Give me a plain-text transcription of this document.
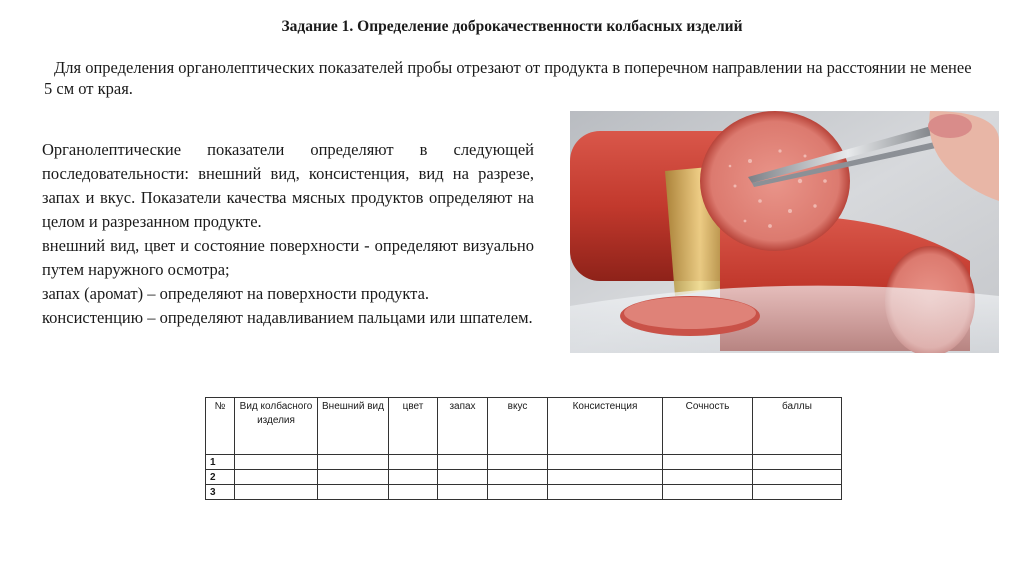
Задание 1. Определение доброкачественности колбасных изделий
Для определения органолептических показателей пробы отрезают от продукта в поперечном направлении на расстоянии не менее 5 см от края.

Органолептические показатели определяют в следующей последовательности: внешний вид, консистенция, вид на разрезе, запах и вкус. Показатели качества мясных продуктов определяют на целом и разрезанном продукте.

внешний вид, цвет и состояние поверхности - определяют визуально путем наружного осмотра;

запах (аромат) – определяют на поверхности продукта.

консистенцию – определяют надавливанием пальцами или шпателем.

№	Вид колбасного изделия	Внешний вид	цвет	запах	вкус	Консистенция	Сочность	баллы
1								
2								
3								
